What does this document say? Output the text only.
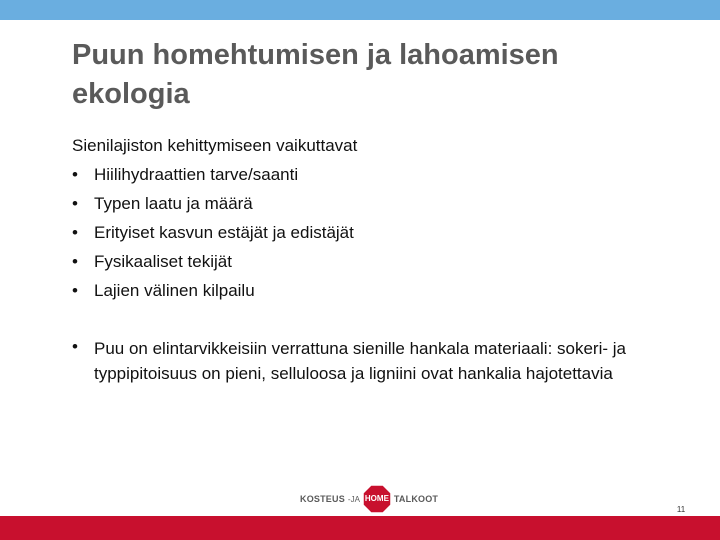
Puun homehtumisen ja lahoamisen ekologia

Sienilajiston kehittymiseen vaikuttavat

• Hiilihydraattien tarve/saanti
• Typen laatu ja määrä
• Erityiset kasvun estäjät ja edistäjät
• Fysikaaliset tekijät
• Lajien välinen kilpailu
• Puu on elintarvikkeisiin verrattuna sienille hankala materiaali: sokeri- ja typpipitoisuus on pieni, selluloosa ja ligniini ovat hankalia hajotettavia
KOSTEUS -JA HOME TALKOOT
11
